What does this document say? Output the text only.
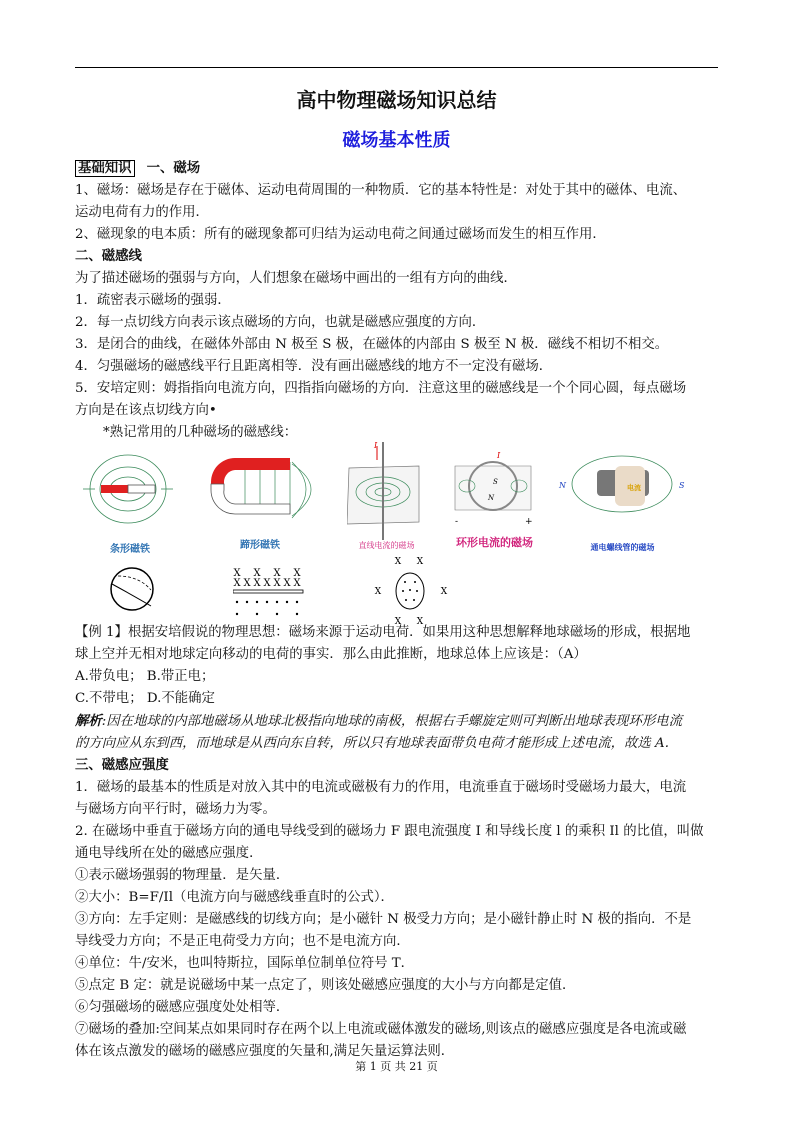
高中物理磁场知识总结
磁场基本性质

基础知识 一、磁场

1、磁场：磁场是存在于磁体、运动电荷周围的一种物质．它的基本特性是：对处于其中的磁体、电流、

运动电荷有力的作用．

2、磁现象的电本质：所有的磁现象都可归结为运动电荷之间通过磁场而发生的相互作用．

二、磁感线

为了描述磁场的强弱与方向，人们想象在磁场中画出的一组有方向的曲线．

1．疏密表示磁场的强弱．

2．每一点切线方向表示该点磁场的方向，也就是磁感应强度的方向．

3．是闭合的曲线，在磁体外部由 N 极至 S 极，在磁体的内部由 S 极至 N 极．磁线不相切不相交。

4．匀强磁场的磁感线平行且距离相等．没有画出磁感线的地方不一定没有磁场．

5．安培定则：姆指指向电流方向，四指指向磁场的方向．注意这里的磁感线是一个个同心圆，每点磁场

方向是在该点切线方向•

*熟记常用的几种磁场的磁感线：

条形磁铁	蹄形磁铁
I
直线电流的磁场
S
N
-	+
I
环形电流的磁场
电流
N	S
通电螺线管的磁场
X X X X
X X X X X X X
X X
X	X
X X

【例 1】根据安培假说的物理思想：磁场来源于运动电荷．如果用这种思想解释地球磁场的形成，根据地

球上空并无相对地球定向移动的电荷的事实．那么由此推断，地球总体上应该是：（A）

A.带负电； B.带正电；

C.不带电； D.不能确定

解析:因在地球的内部地磁场从地球北极指向地球的南极，根据右手螺旋定则可判断出地球表现环形电流

的方向应从东到西，而地球是从西向东自转，所以只有地球表面带负电荷才能形成上述电流，故选 A.

三、磁感应强度

1．磁场的最基本的性质是对放入其中的电流或磁极有力的作用，电流垂直于磁场时受磁场力最大，电流

与磁场方向平行时，磁场力为零。

2. 在磁场中垂直于磁场方向的通电导线受到的磁场力 F 跟电流强度 I 和导线长度 l 的乘积 Il 的比值，叫做

通电导线所在处的磁感应强度．

①表示磁场强弱的物理量．是矢量．

②大小：B=F/Il（电流方向与磁感线垂直时的公式）．

③方向：左手定则：是磁感线的切线方向；是小磁针 N 极受力方向；是小磁针静止时 N 极的指向．不是

导线受力方向；不是正电荷受力方向；也不是电流方向．

④单位：牛/安米，也叫特斯拉，国际单位制单位符号 T．

⑤点定 B 定：就是说磁场中某一点定了，则该处磁感应强度的大小与方向都是定值．

⑥匀强磁场的磁感应强度处处相等．

⑦磁场的叠加:空间某点如果同时存在两个以上电流或磁体激发的磁场,则该点的磁感应强度是各电流或磁

体在该点激发的磁场的磁感应强度的矢量和,满足矢量运算法则．

第 1 页 共 21 页
